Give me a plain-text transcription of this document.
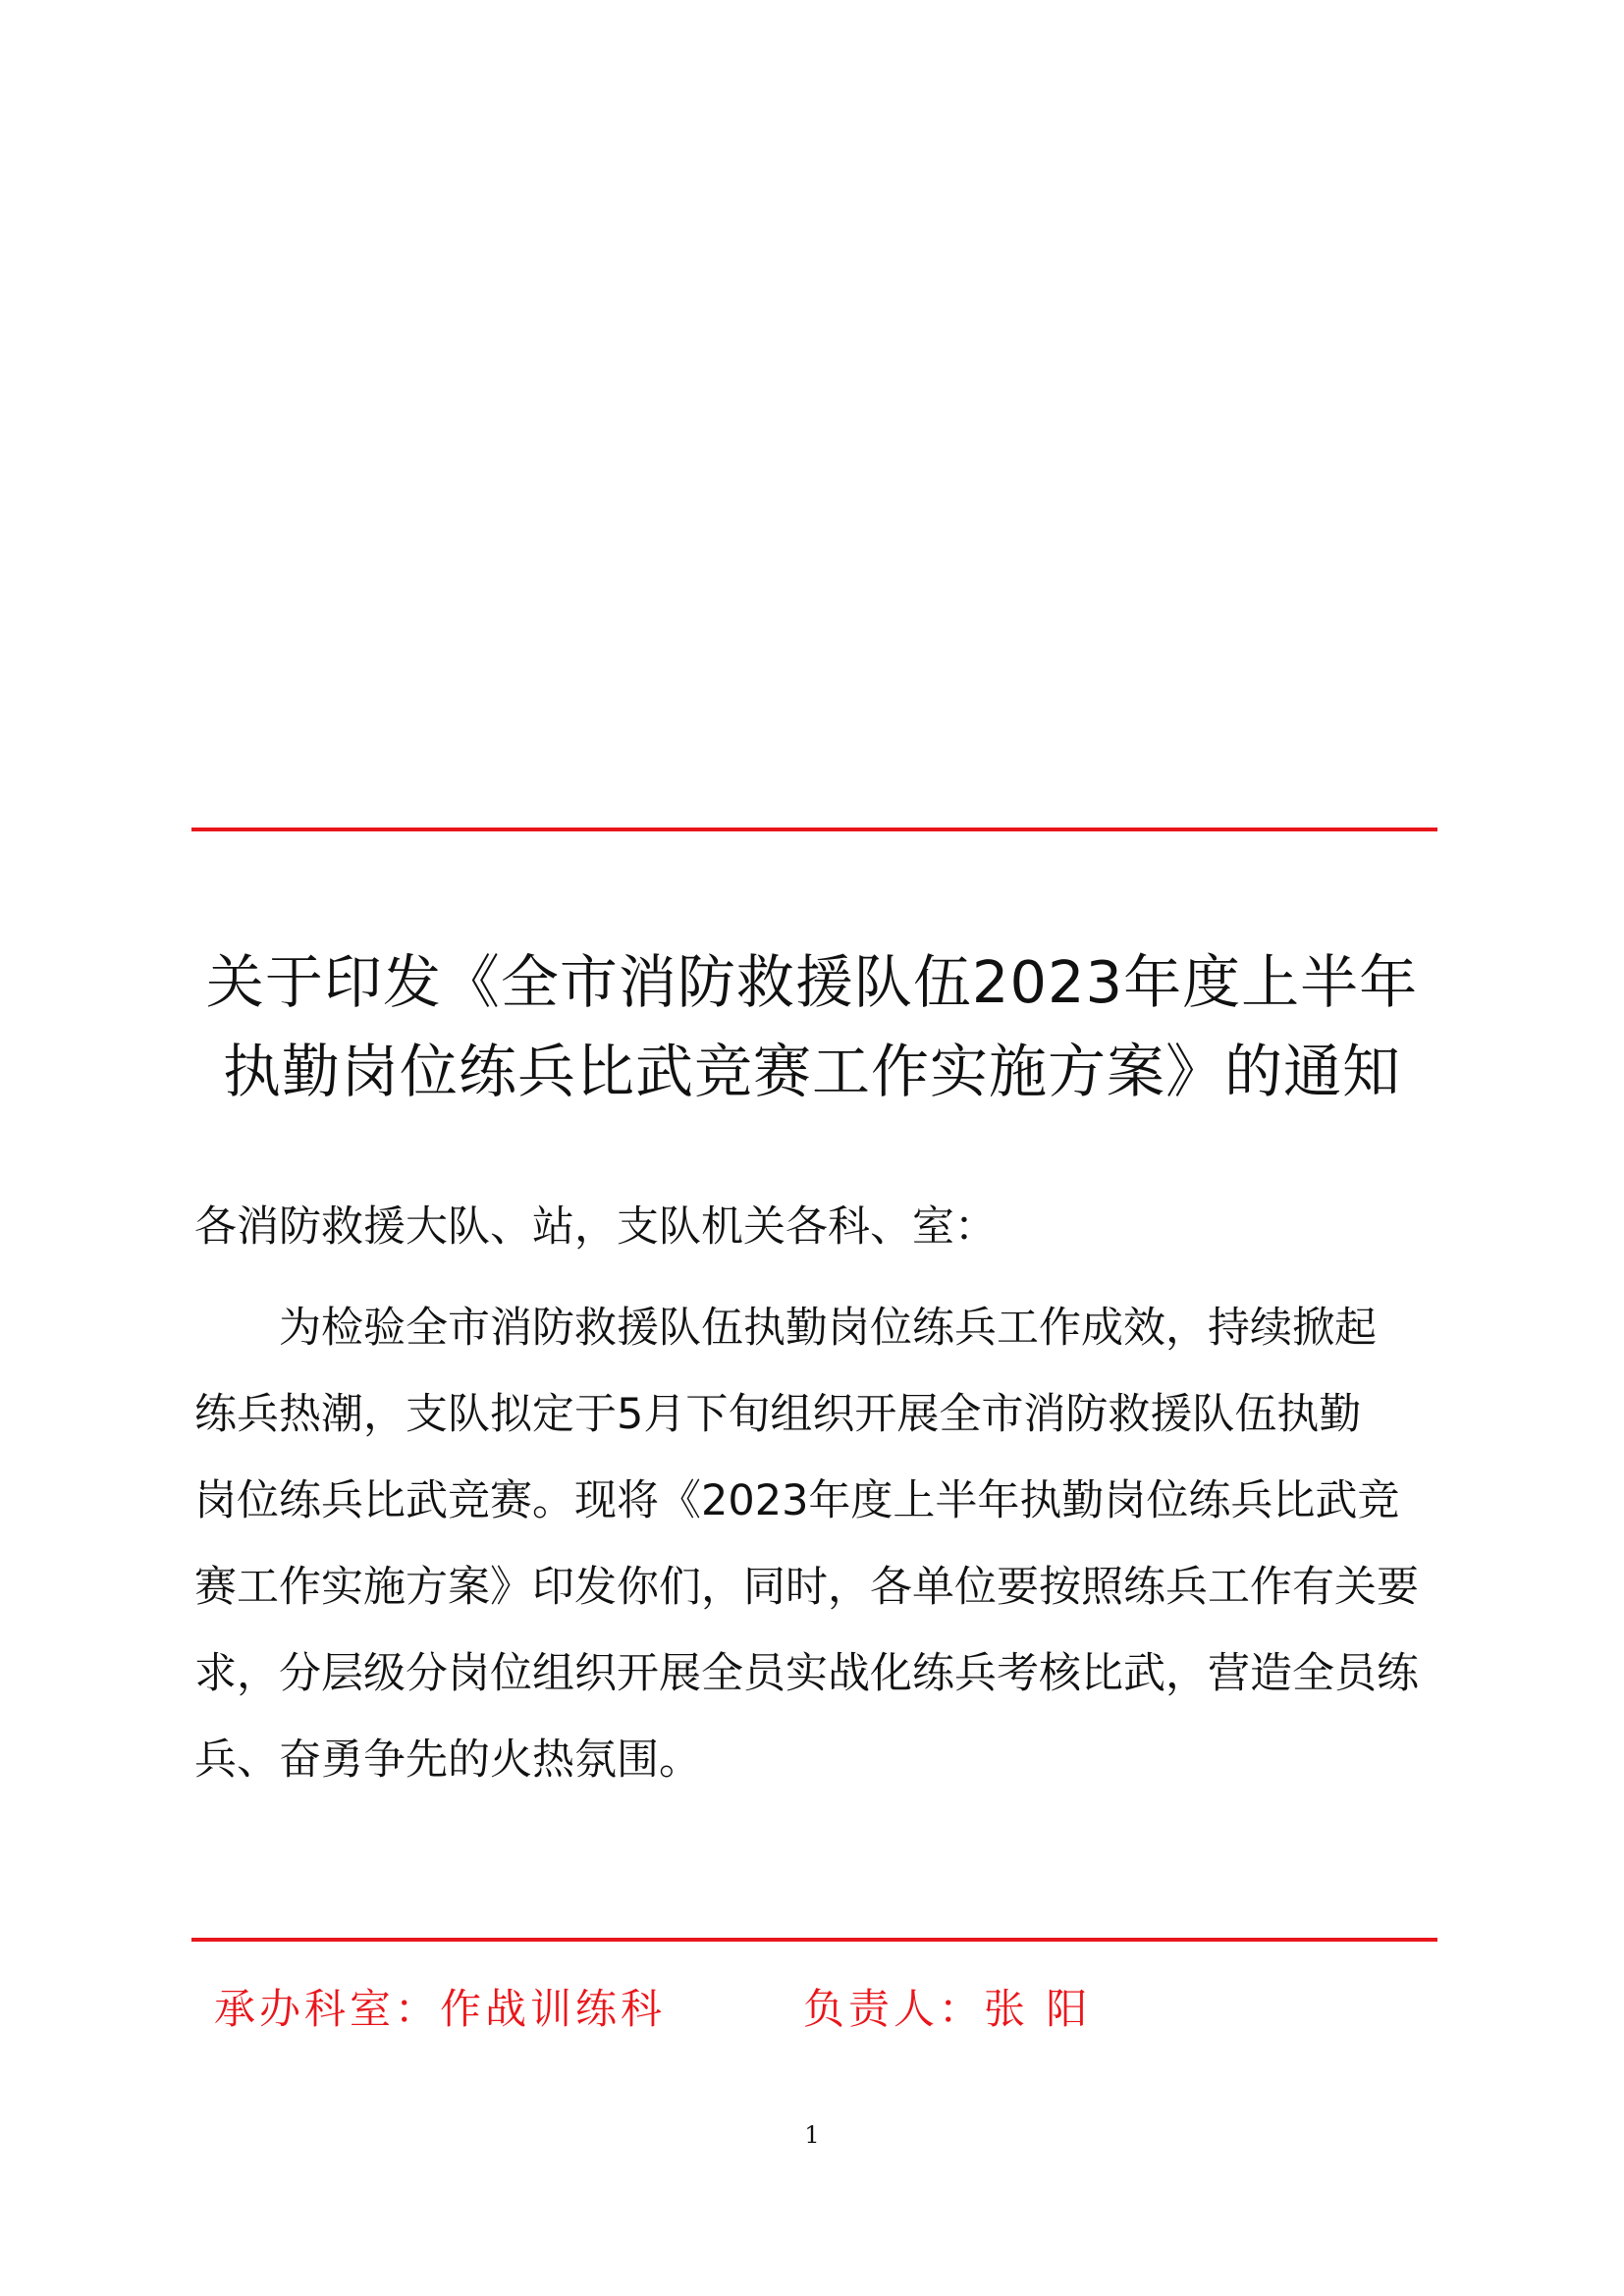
关于印发《全市消防救援队伍2023年度上半年
执勤岗位练兵比武竞赛工作实施方案》的通知

各消防救援大队、站，支队机关各科、室：

为检验全市消防救援队伍执勤岗位练兵工作成效，持续掀起
练兵热潮，支队拟定于5月下旬组织开展全市消防救援队伍执勤
岗位练兵比武竞赛。现将《2023年度上半年执勤岗位练兵比武竞
赛工作实施方案》印发你们，同时，各单位要按照练兵工作有关要
求，分层级分岗位组织开展全员实战化练兵考核比武，营造全员练
兵、奋勇争先的火热氛围。

承办科室：作战训练科	负责人：张 阳
1
